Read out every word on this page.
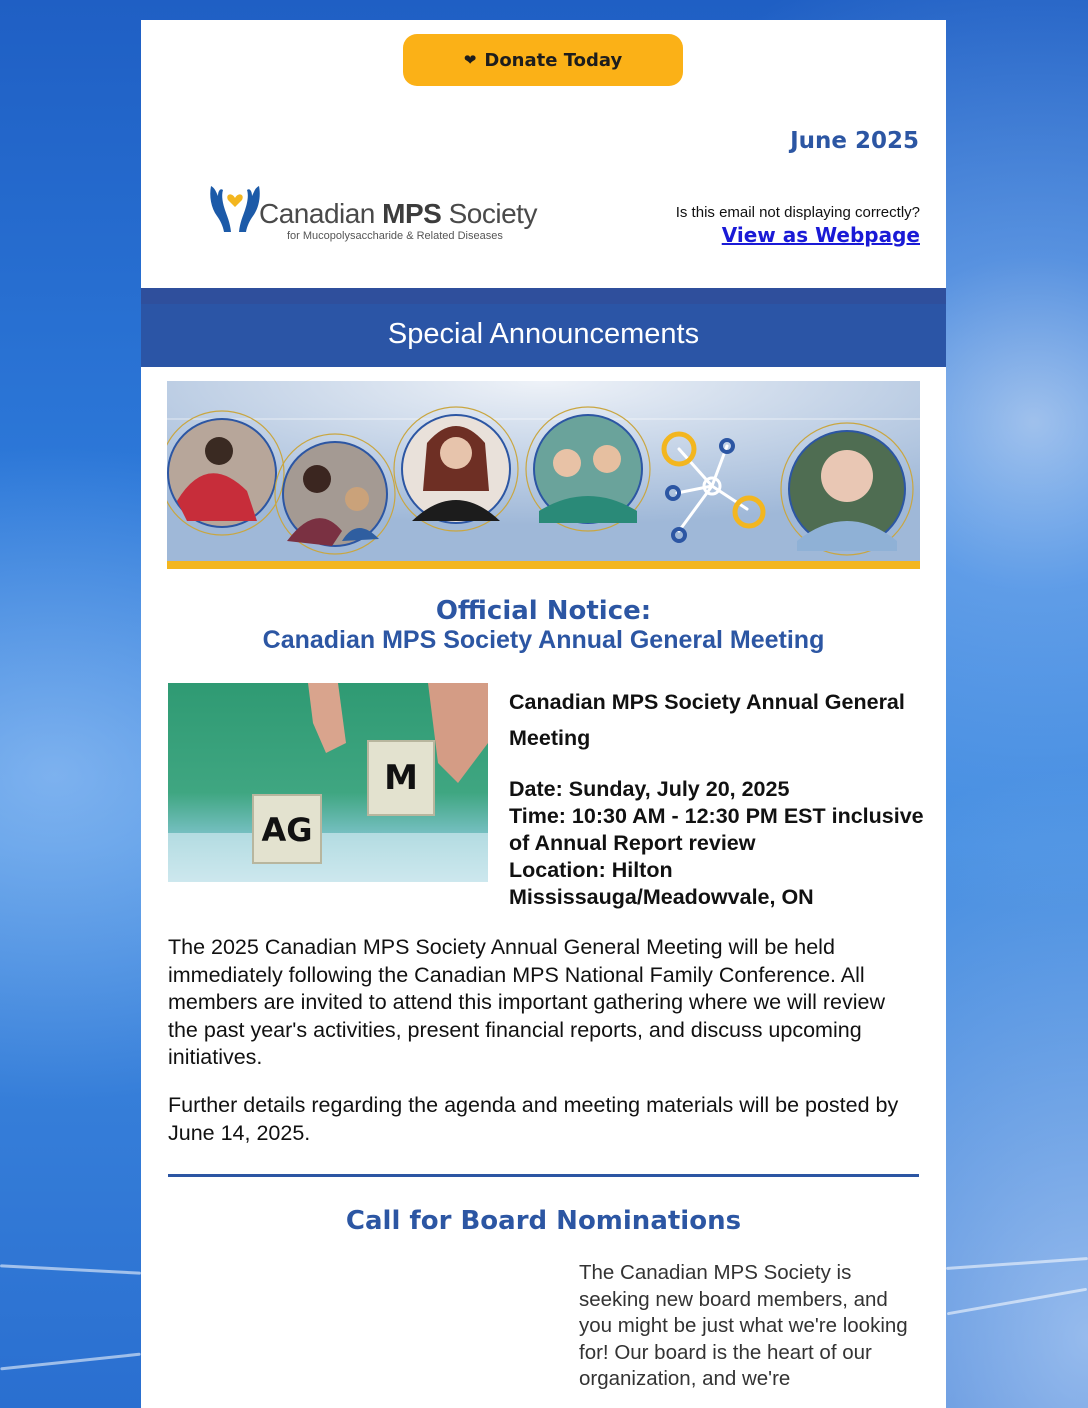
❤ Donate Today
June 2025
Canadian MPS Society
for Mucopolysaccharide & Related Diseases
Is this email not displaying correctly?
View as Webpage
Special Announcements
Official Notice:
Canadian MPS Society Annual General Meeting
AG
M
Canadian MPS Society Annual General Meeting
Date: Sunday, July 20, 2025
Time: 10:30 AM - 12:30 PM EST inclusive of Annual Report review
Location: Hilton Mississauga/Meadowvale, ON
The 2025 Canadian MPS Society Annual General Meeting will be held immediately following the Canadian MPS National Family Conference. All members are invited to attend this important gathering where we will review the past year's activities, present financial reports, and discuss upcoming initiatives.
Further details regarding the agenda and meeting materials will be posted by June 14, 2025.
Call for Board Nominations
The Canadian MPS Society is seeking new board members, and you might be just what we're looking for! Our board is the heart of our organization, and we're
